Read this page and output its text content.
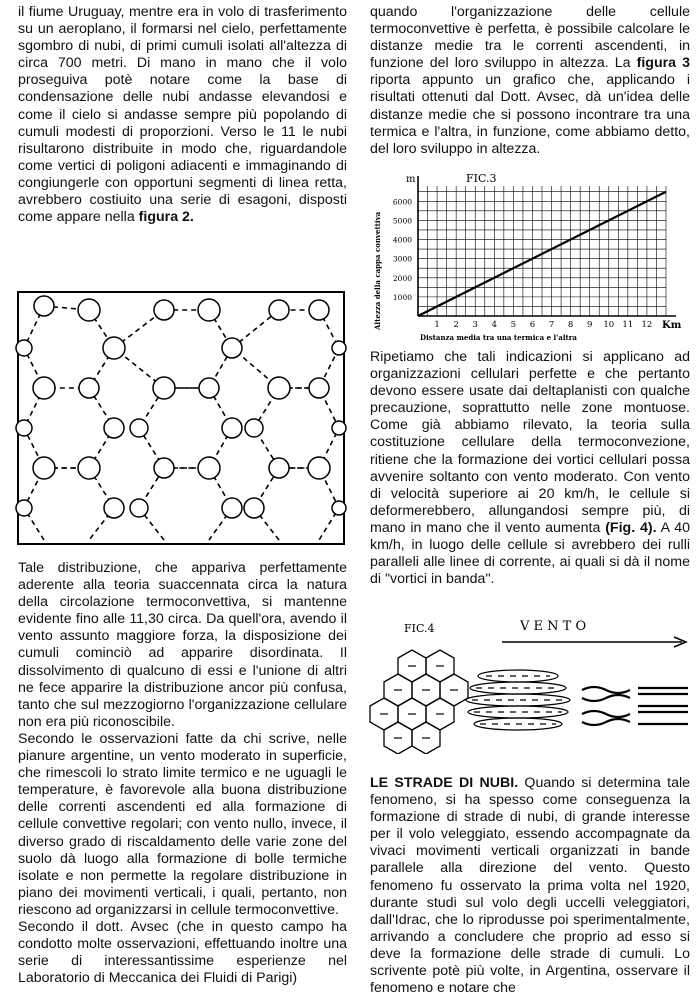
il fiume Uruguay, mentre era in volo di trasferimento su un aeroplano, il formarsi nel cielo, perfettamente sgombro di nubi, di primi cumuli isolati all'altezza di circa 700 metri. Di mano in mano che il volo proseguiva potè notare come la base di condensazione delle nubi andasse elevandosi e come il cielo si andasse sempre più popolando di cumuli modesti di proporzioni. Verso le 11 le nubi risultarono distribuite in modo che, riguardandole come vertici di poligoni adiacenti e immaginando di congiungerle con opportuni segmenti di linea retta, avrebbero costiuito una serie di esagoni, disposti come appare nella figura 2.

Tale distribuzione, che appariva perfettamente aderente alla teoria suaccennata circa la natura della circolazione termoconvettiva, si mantenne evidente fino alle 11,30 circa. Da quell'ora, avendo il vento assunto maggiore forza, la disposizione dei cumuli cominciò ad apparire disordinata. Il dissolvimento di qualcuno di essi e l'unione di altri ne fece apparire la distribuzione ancor più confusa, tanto che sul mezzogiorno l'organizzazione cellulare non era più riconoscibile.

Secondo le osservazioni fatte da chi scrive, nelle pianure argentine, un vento moderato in superficie, che rimescoli lo strato limite termico e ne uguagli le temperature, è favorevole alla buona distribuzione delle correnti ascendenti ed alla formazione di cellule convettive regolari; con vento nullo, invece, il diverso grado di riscaldamento delle varie zone del suolo dà luogo alla formazione di bolle termiche isolate e non permette la regolare distribuzione in piano dei movimenti verticali, i quali, pertanto, non riescono ad organizzarsi in cellule termoconvettive.

Secondo il dott. Avsec (che in questo campo ha condotto molte osservazioni, effettuando inoltre una serie di interessantissime esperienze nel Laboratorio di Meccanica dei Fluidi di Parigi)

quando l'organizzazione delle cellule termoconvettive è perfetta, è possibile calcolare le distanze medie tra le correnti ascendenti, in funzione del loro sviluppo in altezza. La figura 3 riporta appunto un grafico che, applicando i risultati ottenuti dal Dott. Avsec, dà un'idea delle distanze medie che si possono incontrare tra una termica e l'altra, in funzione, come abbiamo detto, del loro sviluppo in altezza.

FIC.3
m
Km
Altezza della cappa convettiva
Distanza media tra una termica e l'altra
1000
2000
3000
4000
5000
6000
1 2 3 4 5 6 7 8 9 10 11 12

Ripetiamo che tali indicazioni si applicano ad organizzazioni cellulari perfette e che pertanto devono essere usate dai deltaplanisti con qualche precauzione, soprattutto nelle zone montuose. Come già abbiamo rilevato, la teoria sulla costituzione cellulare della termoconvezione, ritiene che la formazione dei vortici cellulari possa avvenire soltanto con vento moderato. Con vento di velocità superiore ai 20 km/h, le cellule si deformerebbero, allungandosi sempre più, di mano in mano che il vento aumenta (Fig. 4). A 40 km/h, in luogo delle cellule si avrebbero dei rulli paralleli alle linee di corrente, ai quali si dà il nome di "vortici in banda".

FIC.4	V E N T O

LE STRADE DI NUBI. Quando si determina tale fenomeno, si ha spesso come conseguenza la formazione di strade di nubi, di grande interesse per il volo veleggiato, essendo accompagnate da vivaci movimenti verticali organizzati in bande parallele alla direzione del vento. Questo fenomeno fu osservato la prima volta nel 1920, durante studi sul volo degli uccelli veleggiatori, dall'Idrac, che lo riprodusse poi sperimentalmente, arrivando a concludere che proprio ad esso si deve la formazione delle strade di cumuli. Lo scrivente potè più volte, in Argentina, osservare il fenomeno e notare che
